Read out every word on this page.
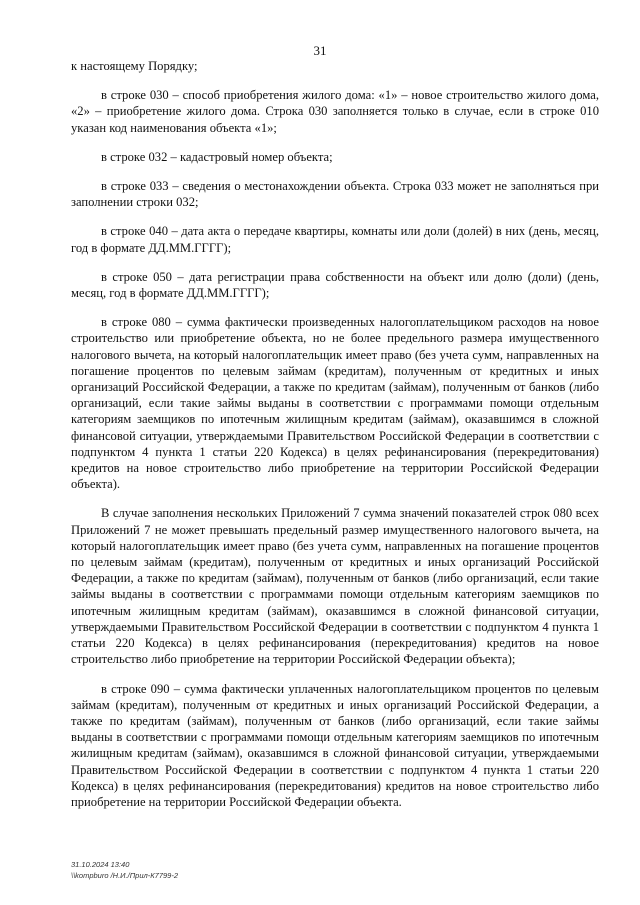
31

к настоящему Порядку;

в строке 030 – способ приобретения жилого дома: «1» – новое строительство жилого дома, «2» – приобретение жилого дома. Строка 030 заполняется только в случае, если в строке 010 указан код наименования объекта «1»;

в строке 032 – кадастровый номер объекта;

в строке 033 – сведения о местонахождении объекта. Строка 033 может не заполняться при заполнении строки 032;

в строке 040 – дата акта о передаче квартиры, комнаты или доли (долей) в них (день, месяц, год в формате ДД.ММ.ГГГГ);

в строке 050 – дата регистрации права собственности на объект или долю (доли) (день, месяц, год в формате ДД.ММ.ГГГГ);

в строке 080 – сумма фактически произведенных налогоплательщиком расходов на новое строительство или приобретение объекта, но не более предельного размера имущественного налогового вычета, на который налогоплательщик имеет право (без учета сумм, направленных на погашение процентов по целевым займам (кредитам), полученным от кредитных и иных организаций Российской Федерации, а также по кредитам (займам), полученным от банков (либо организаций, если такие займы выданы в соответствии с программами помощи отдельным категориям заемщиков по ипотечным жилищным кредитам (займам), оказавшимся в сложной финансовой ситуации, утверждаемыми Правительством Российской Федерации в соответствии с подпунктом 4 пункта 1 статьи 220 Кодекса) в целях рефинансирования (перекредитования) кредитов на новое строительство либо приобретение на территории Российской Федерации объекта).

В случае заполнения нескольких Приложений 7 сумма значений показателей строк 080 всех Приложений 7 не может превышать предельный размер имущественного налогового вычета, на который налогоплательщик имеет право (без учета сумм, направленных на погашение процентов по целевым займам (кредитам), полученным от кредитных и иных организаций Российской Федерации, а также по кредитам (займам), полученным от банков (либо организаций, если такие займы выданы в соответствии с программами помощи отдельным категориям заемщиков по ипотечным жилищным кредитам (займам), оказавшимся в сложной финансовой ситуации, утверждаемыми Правительством Российской Федерации в соответствии с подпунктом 4 пункта 1 статьи 220 Кодекса) в целях рефинансирования (перекредитования) кредитов на новое строительство либо приобретение на территории Российской Федерации объекта);

в строке 090 – сумма фактически уплаченных налогоплательщиком процентов по целевым займам (кредитам), полученным от кредитных и иных организаций Российской Федерации, а также по кредитам (займам), полученным от банков (либо организаций, если такие займы выданы в соответствии с программами помощи отдельным категориям заемщиков по ипотечным жилищным кредитам (займам), оказавшимся в сложной финансовой ситуации, утверждаемыми Правительством Российской Федерации в соответствии с подпунктом 4 пункта 1 статьи 220 Кодекса) в целях рефинансирования (перекредитования) кредитов на новое строительство либо приобретение на территории Российской Федерации объекта.

31.10.2024 13:40
\\kompburo /Н.И./Прил-К7799-2
